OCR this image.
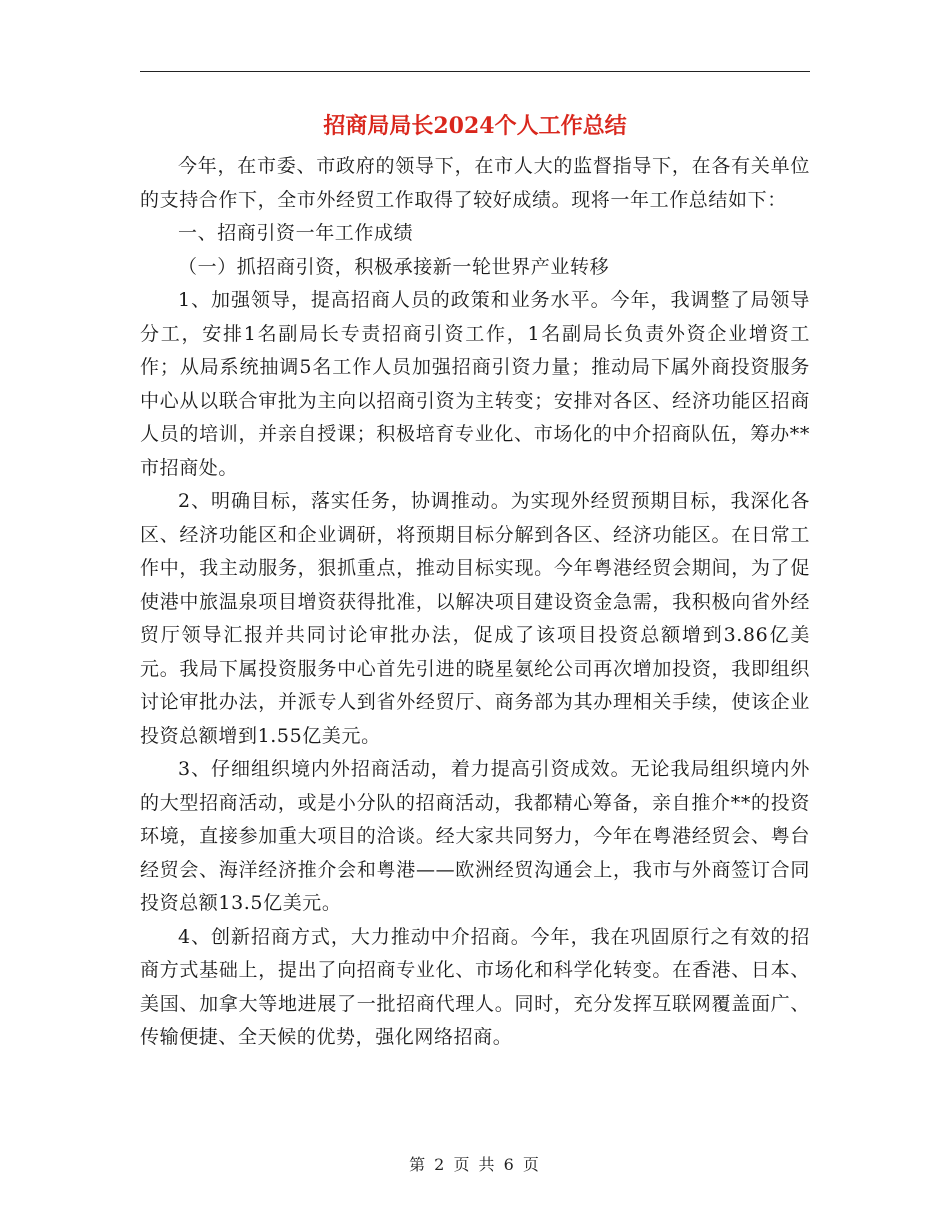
招商局局长2024个人工作总结

今年，在市委、市政府的领导下，在市人大的监督指导下，在各有关单位的支持合作下，全市外经贸工作取得了较好成绩。现将一年工作总结如下：

一、招商引资一年工作成绩

（一）抓招商引资，积极承接新一轮世界产业转移

1、加强领导，提高招商人员的政策和业务水平。今年，我调整了局领导分工，安排1名副局长专责招商引资工作，1名副局长负责外资企业增资工作；从局系统抽调5名工作人员加强招商引资力量；推动局下属外商投资服务中心从以联合审批为主向以招商引资为主转变；安排对各区、经济功能区招商人员的培训，并亲自授课；积极培育专业化、市场化的中介招商队伍，筹办**市招商处。

2、明确目标，落实任务，协调推动。为实现外经贸预期目标，我深化各区、经济功能区和企业调研，将预期目标分解到各区、经济功能区。在日常工作中，我主动服务，狠抓重点，推动目标实现。今年粤港经贸会期间，为了促使港中旅温泉项目增资获得批准，以解决项目建设资金急需，我积极向省外经贸厅领导汇报并共同讨论审批办法，促成了该项目投资总额增到3.86亿美元。我局下属投资服务中心首先引进的晓星氨纶公司再次增加投资，我即组织讨论审批办法，并派专人到省外经贸厅、商务部为其办理相关手续，使该企业投资总额增到1.55亿美元。

3、仔细组织境内外招商活动，着力提高引资成效。无论我局组织境内外的大型招商活动，或是小分队的招商活动，我都精心筹备，亲自推介**的投资环境，直接参加重大项目的洽谈。经大家共同努力，今年在粤港经贸会、粤台经贸会、海洋经济推介会和粤港——欧洲经贸沟通会上，我市与外商签订合同投资总额13.5亿美元。

4、创新招商方式，大力推动中介招商。今年，我在巩固原行之有效的招商方式基础上，提出了向招商专业化、市场化和科学化转变。在香港、日本、美国、加拿大等地进展了一批招商代理人。同时，充分发挥互联网覆盖面广、传输便捷、全天候的优势，强化网络招商。

第 2 页 共 6 页
